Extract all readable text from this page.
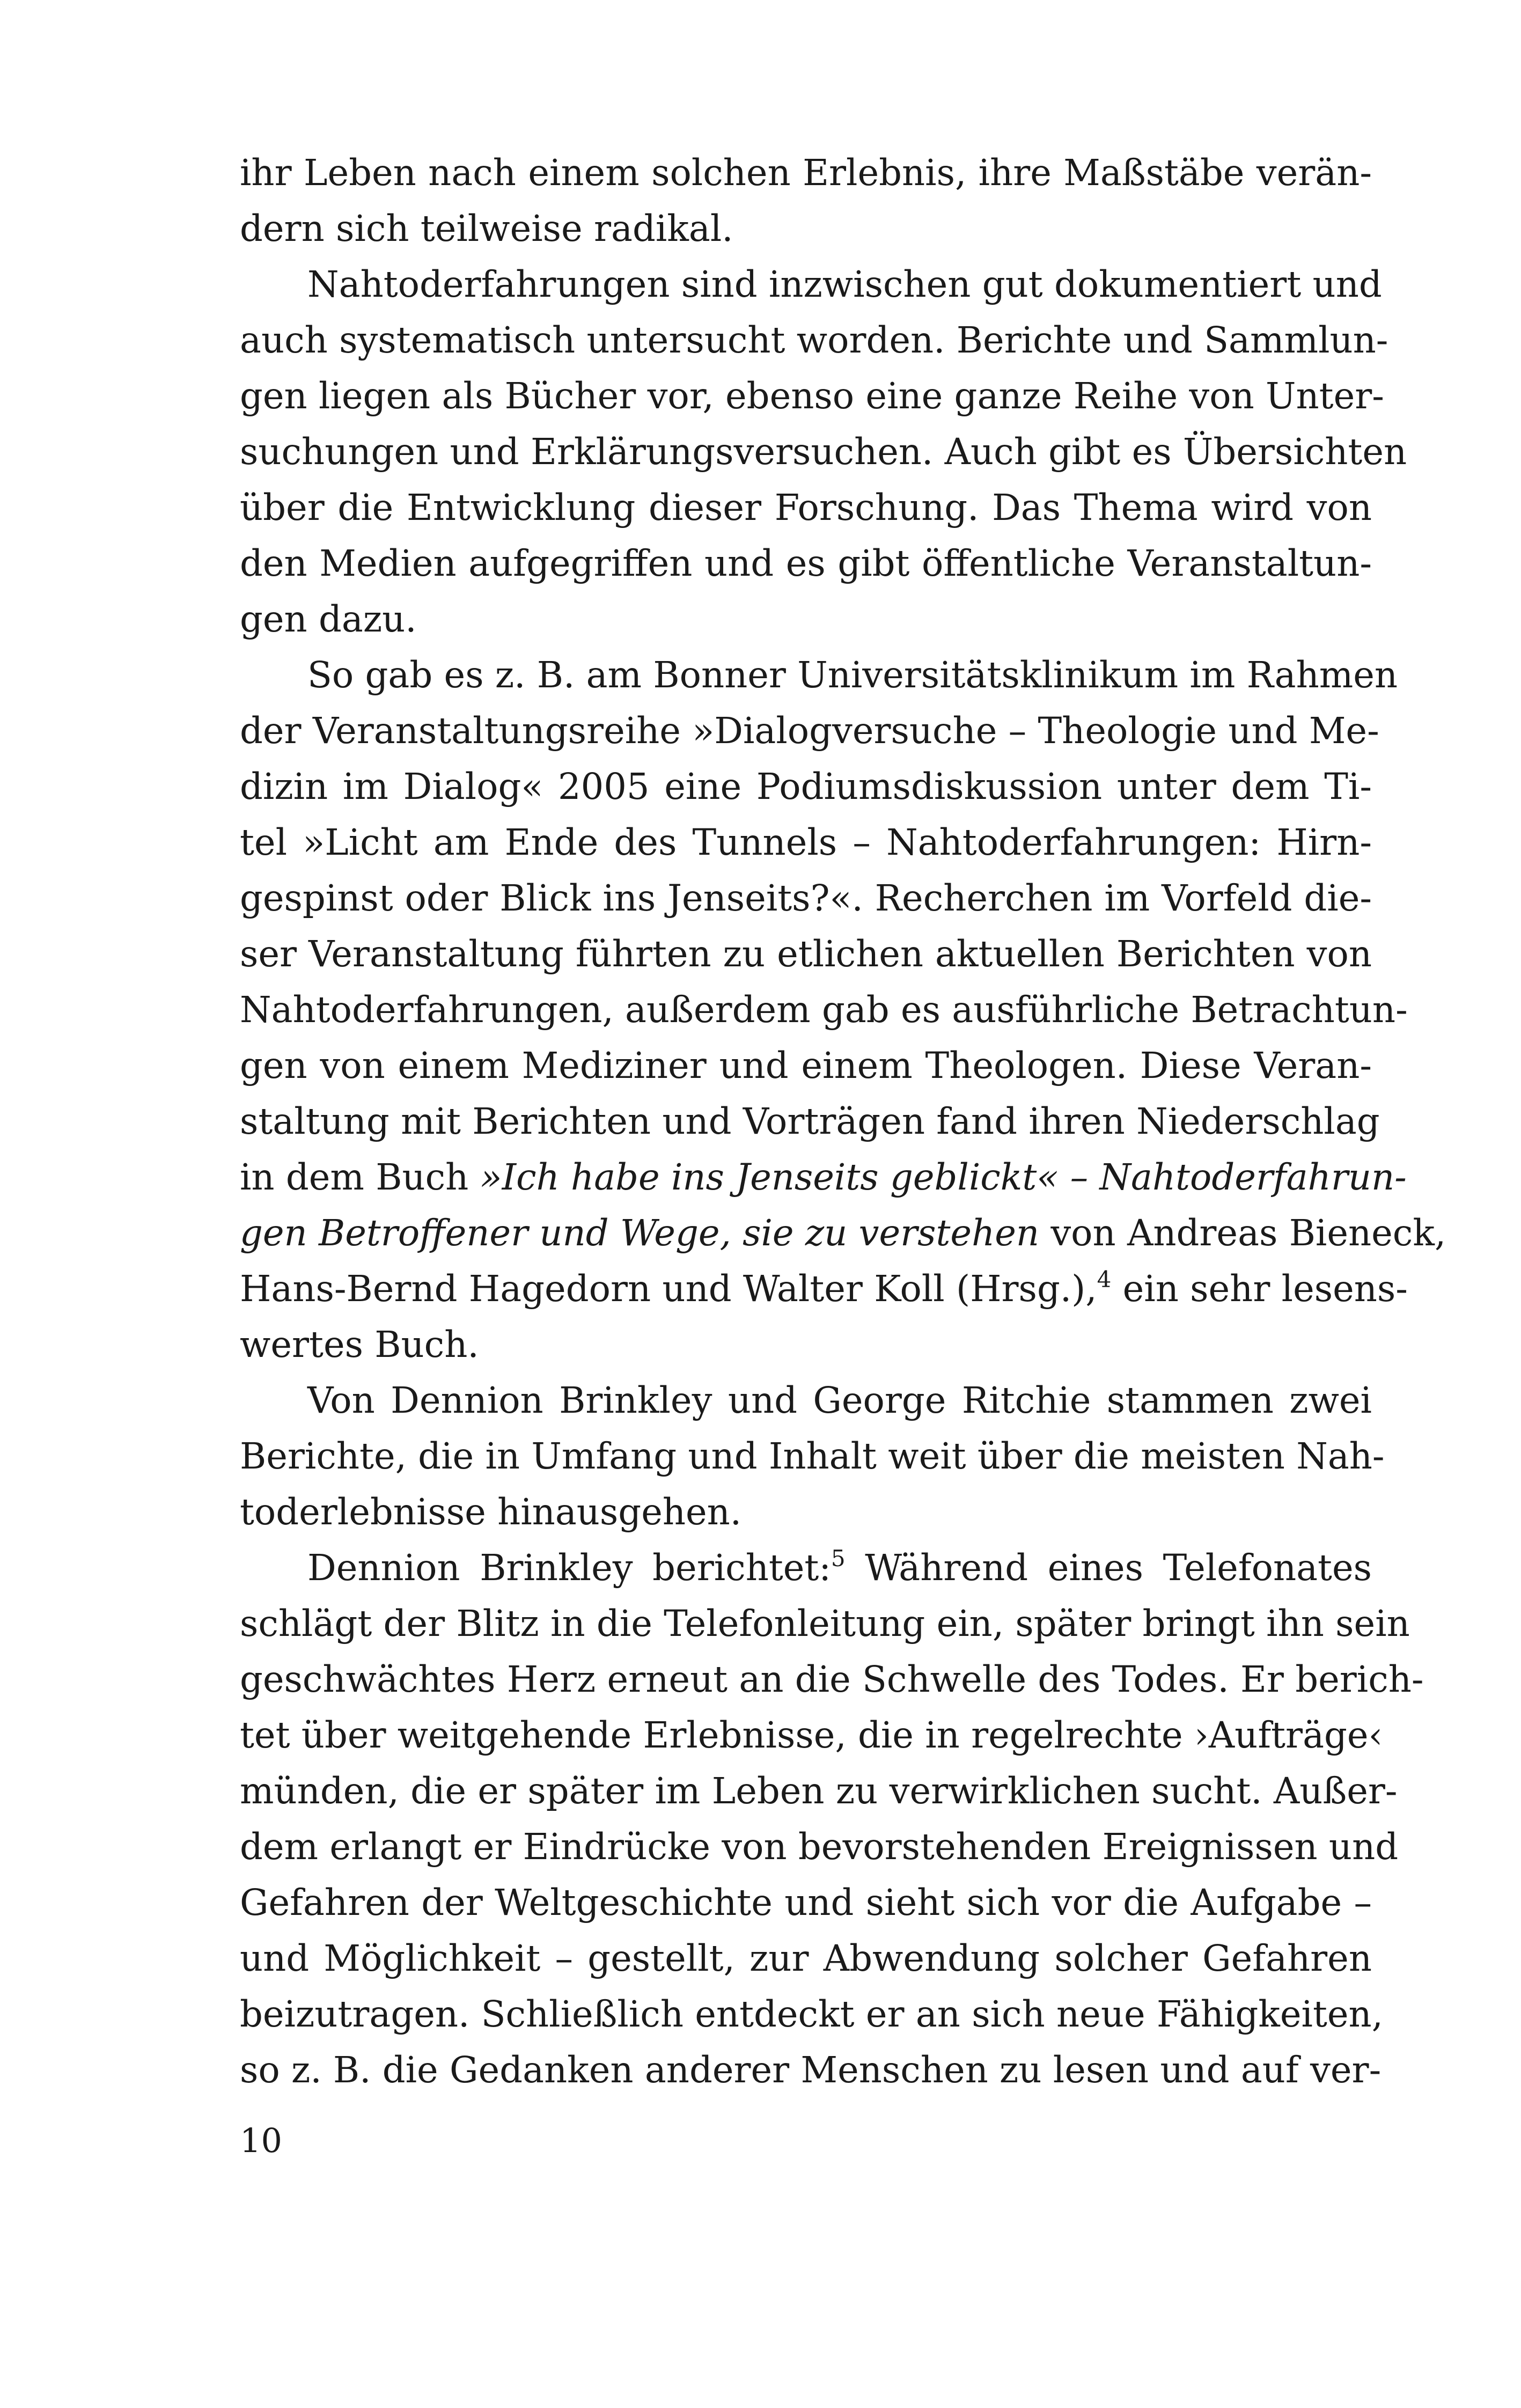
ihr Leben nach einem solchen Erlebnis, ihre Maßstäbe verän-
dern sich teilweise radikal.
Nahtoderfahrungen sind inzwischen gut dokumentiert und
auch systematisch untersucht worden. Berichte und Sammlun-
gen liegen als Bücher vor, ebenso eine ganze Reihe von Unter-
suchungen und Erklärungsversuchen. Auch gibt es Übersichten
über die Entwicklung dieser Forschung. Das Thema wird von
den Medien aufgegriffen und es gibt öffentliche Veranstaltun-
gen dazu.
So gab es z. B. am Bonner Universitätsklinikum im Rahmen
der Veranstaltungsreihe »Dialogversuche – Theologie und Me-
dizin im Dialog« 2005 eine Podiumsdiskussion unter dem Ti-
tel »Licht am Ende des Tunnels – Nahtoderfahrungen: Hirn-
gespinst oder Blick ins Jenseits?«. Recherchen im Vorfeld die-
ser Veranstaltung führten zu etlichen aktuellen Berichten von
Nahtoderfahrungen, außerdem gab es ausführliche Betrachtun-
gen von einem Mediziner und einem Theologen. Diese Veran-
staltung mit Berichten und Vorträgen fand ihren Niederschlag
in dem Buch »Ich habe ins Jenseits geblickt« – Nahtoderfahrun-
gen Betroffener und Wege, sie zu verstehen von Andreas Bieneck,
Hans-Bernd Hagedorn und Walter Koll (Hrsg.),$^4$ ein sehr lesens-
wertes Buch.
Von Dennion Brinkley und George Ritchie stammen zwei
Berichte, die in Umfang und Inhalt weit über die meisten Nah-
toderlebnisse hinausgehen.
Dennion Brinkley berichtet:$^5$ Während eines Telefonates
schlägt der Blitz in die Telefonleitung ein, später bringt ihn sein
geschwächtes Herz erneut an die Schwelle des Todes. Er berich-
tet über weitgehende Erlebnisse, die in regelrechte ›Aufträge‹
münden, die er später im Leben zu verwirklichen sucht. Außer-
dem erlangt er Eindrücke von bevorstehenden Ereignissen und
Gefahren der Weltgeschichte und sieht sich vor die Aufgabe –
und Möglichkeit – gestellt, zur Abwendung solcher Gefahren
beizutragen. Schließlich entdeckt er an sich neue Fähigkeiten,
so z. B. die Gedanken anderer Menschen zu lesen und auf ver-
10
